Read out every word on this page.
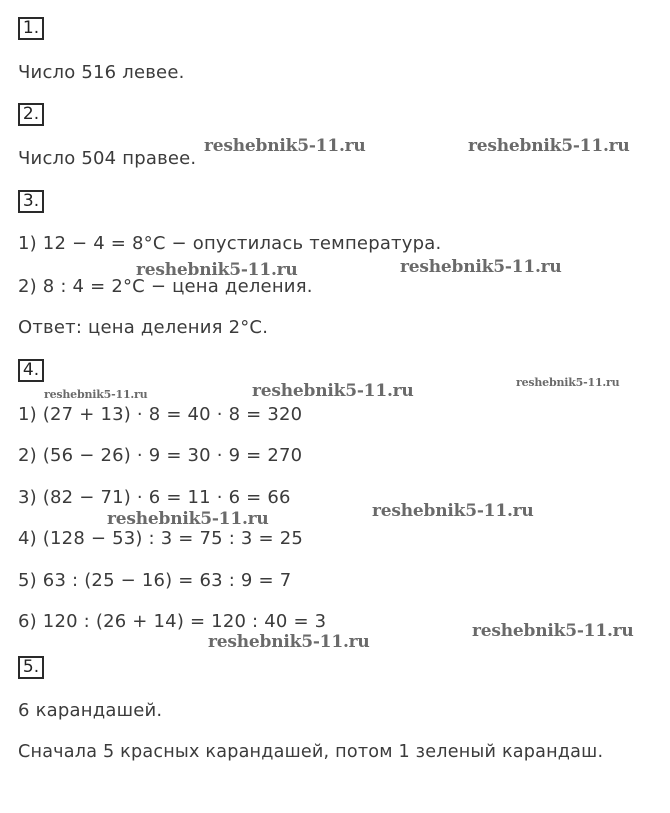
1.
Число 516 левее.
2.
Число 504 правее.
3.
1) 12 − 4 = 8°С − опустилась температура.
2) 8 : 4 = 2°С − цена деления.
Ответ: цена деления 2°С.
4.
1) (27 + 13) · 8 = 40 · 8 = 320
2) (56 − 26) · 9 = 30 · 9 = 270
3) (82 − 71) · 6 = 11 · 6 = 66
4) (128 − 53) : 3 = 75 : 3 = 25
5) 63 : (25 − 16) = 63 : 9 = 7
6) 120 : (26 + 14) = 120 : 40 = 3
5.
6 карандашей.
Сначала 5 красных карандашей, потом 1 зеленый карандаш.
reshebnik5-11.ru	reshebnik5-11.ru
reshebnik5-11.ru	reshebnik5-11.ru
reshebnik5-11.ru	reshebnik5-11.ru	reshebnik5-11.ru
reshebnik5-11.ru	reshebnik5-11.ru
reshebnik5-11.ru
reshebnik5-11.ru
